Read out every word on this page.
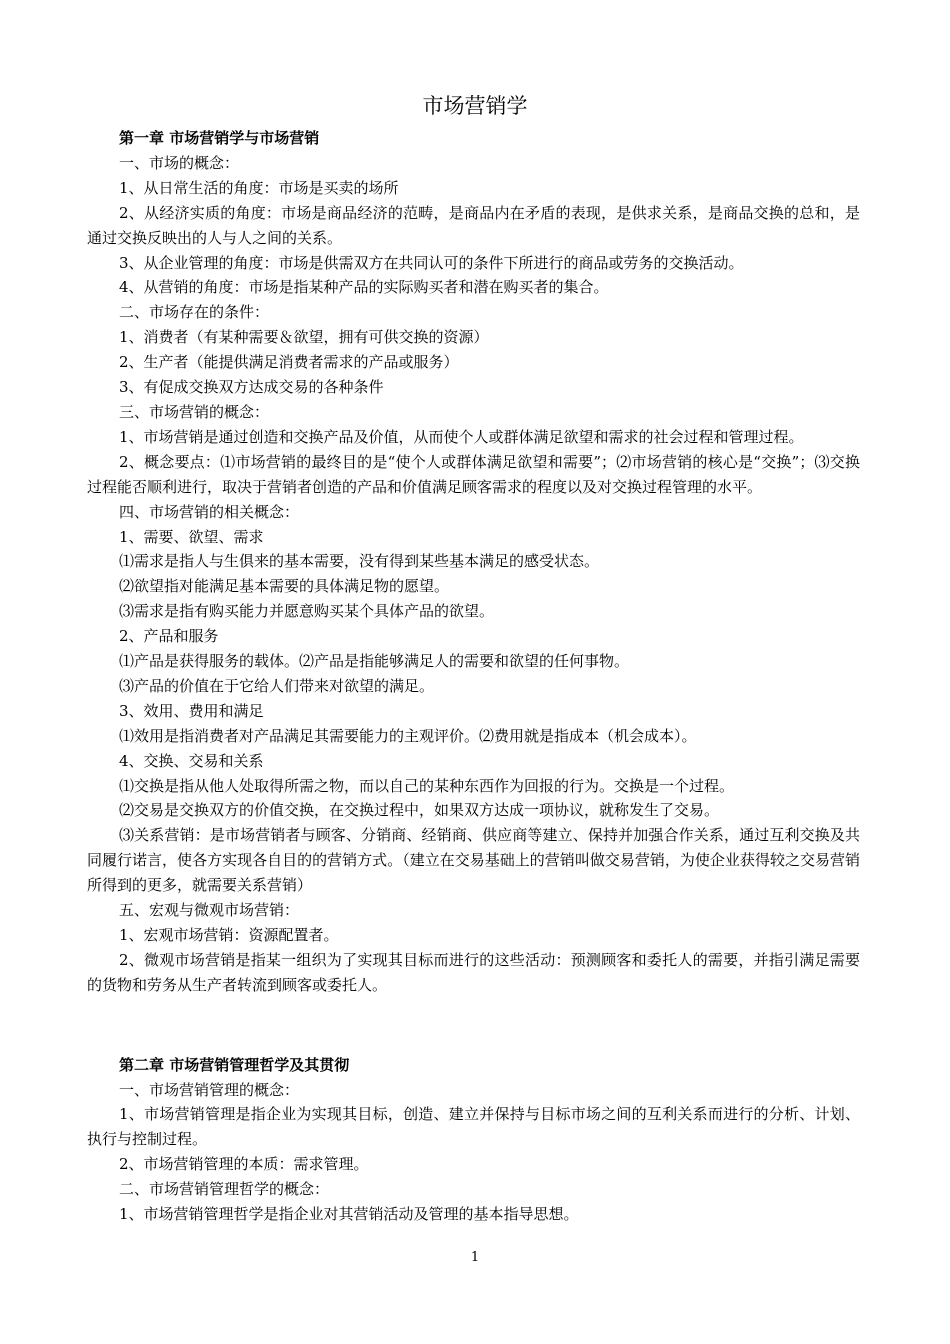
市场营销学

第一章 市场营销学与市场营销

一、市场的概念：

1、从日常生活的角度：市场是买卖的场所

2、从经济实质的角度：市场是商品经济的范畴，是商品内在矛盾的表现，是供求关系，是商品交换的总和，是通过交换反映出的人与人之间的关系。

3、从企业管理的角度：市场是供需双方在共同认可的条件下所进行的商品或劳务的交换活动。

4、从营销的角度：市场是指某种产品的实际购买者和潜在购买者的集合。

二、市场存在的条件：

1、消费者（有某种需要＆欲望，拥有可供交换的资源）

2、生产者（能提供满足消费者需求的产品或服务）

3、有促成交换双方达成交易的各种条件

三、市场营销的概念：

1、市场营销是通过创造和交换产品及价值，从而使个人或群体满足欲望和需求的社会过程和管理过程。

2、概念要点：⑴市场营销的最终目的是“使个人或群体满足欲望和需要”；⑵市场营销的核心是“交换”；⑶交换过程能否顺利进行，取决于营销者创造的产品和价值满足顾客需求的程度以及对交换过程管理的水平。

四、市场营销的相关概念：

1、需要、欲望、需求

⑴需求是指人与生俱来的基本需要，没有得到某些基本满足的感受状态。

⑵欲望指对能满足基本需要的具体满足物的愿望。

⑶需求是指有购买能力并愿意购买某个具体产品的欲望。

2、产品和服务

⑴产品是获得服务的载体。⑵产品是指能够满足人的需要和欲望的任何事物。

⑶产品的价值在于它给人们带来对欲望的满足。

3、效用、费用和满足

⑴效用是指消费者对产品满足其需要能力的主观评价。⑵费用就是指成本（机会成本）。

4、交换、交易和关系

⑴交换是指从他人处取得所需之物，而以自己的某种东西作为回报的行为。交换是一个过程。

⑵交易是交换双方的价值交换，在交换过程中，如果双方达成一项协议，就称发生了交易。

⑶关系营销：是市场营销者与顾客、分销商、经销商、供应商等建立、保持并加强合作关系，通过互利交换及共同履行诺言，使各方实现各自目的的营销方式。（建立在交易基础上的营销叫做交易营销，为使企业获得较之交易营销所得到的更多，就需要关系营销）

五、宏观与微观市场营销：

1、宏观市场营销：资源配置者。

2、微观市场营销是指某一组织为了实现其目标而进行的这些活动：预测顾客和委托人的需要，并指引满足需要的货物和劳务从生产者转流到顾客或委托人。

第二章 市场营销管理哲学及其贯彻

一、市场营销管理的概念：

1、市场营销管理是指企业为实现其目标，创造、建立并保持与目标市场之间的互利关系而进行的分析、计划、执行与控制过程。

2、市场营销管理的本质：需求管理。

二、市场营销管理哲学的概念：

1、市场营销管理哲学是指企业对其营销活动及管理的基本指导思想。

1
